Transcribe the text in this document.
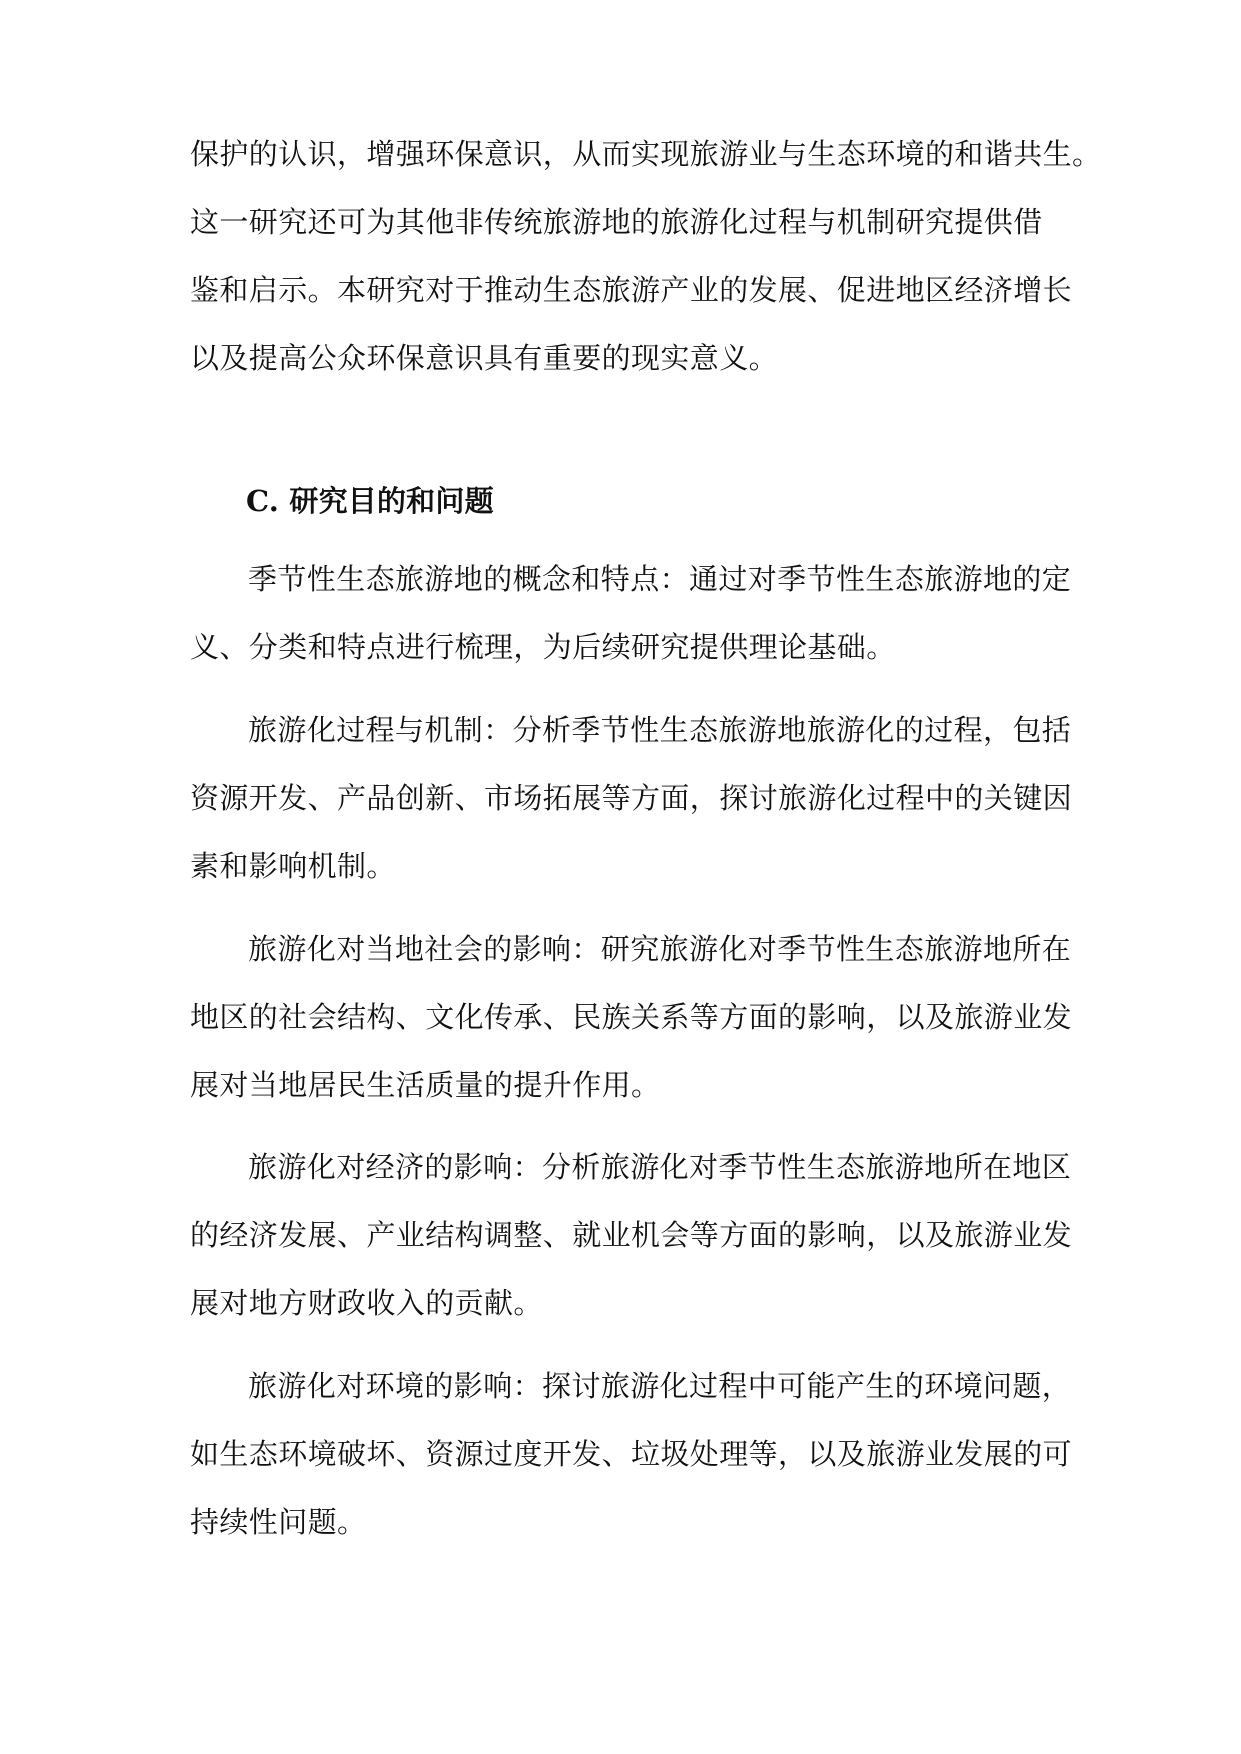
保护的认识，增强环保意识，从而实现旅游业与生态环境的和谐共生。
这一研究还可为其他非传统旅游地的旅游化过程与机制研究提供借
鉴和启示。本研究对于推动生态旅游产业的发展、促进地区经济增长
以及提高公众环保意识具有重要的现实意义。
C. 研究目的和问题
季节性生态旅游地的概念和特点：通过对季节性生态旅游地的定
义、分类和特点进行梳理，为后续研究提供理论基础。
旅游化过程与机制：分析季节性生态旅游地旅游化的过程，包括
资源开发、产品创新、市场拓展等方面，探讨旅游化过程中的关键因
素和影响机制。
旅游化对当地社会的影响：研究旅游化对季节性生态旅游地所在
地区的社会结构、文化传承、民族关系等方面的影响，以及旅游业发
展对当地居民生活质量的提升作用。
旅游化对经济的影响：分析旅游化对季节性生态旅游地所在地区
的经济发展、产业结构调整、就业机会等方面的影响，以及旅游业发
展对地方财政收入的贡献。
旅游化对环境的影响：探讨旅游化过程中可能产生的环境问题，
如生态环境破坏、资源过度开发、垃圾处理等，以及旅游业发展的可
持续性问题。
